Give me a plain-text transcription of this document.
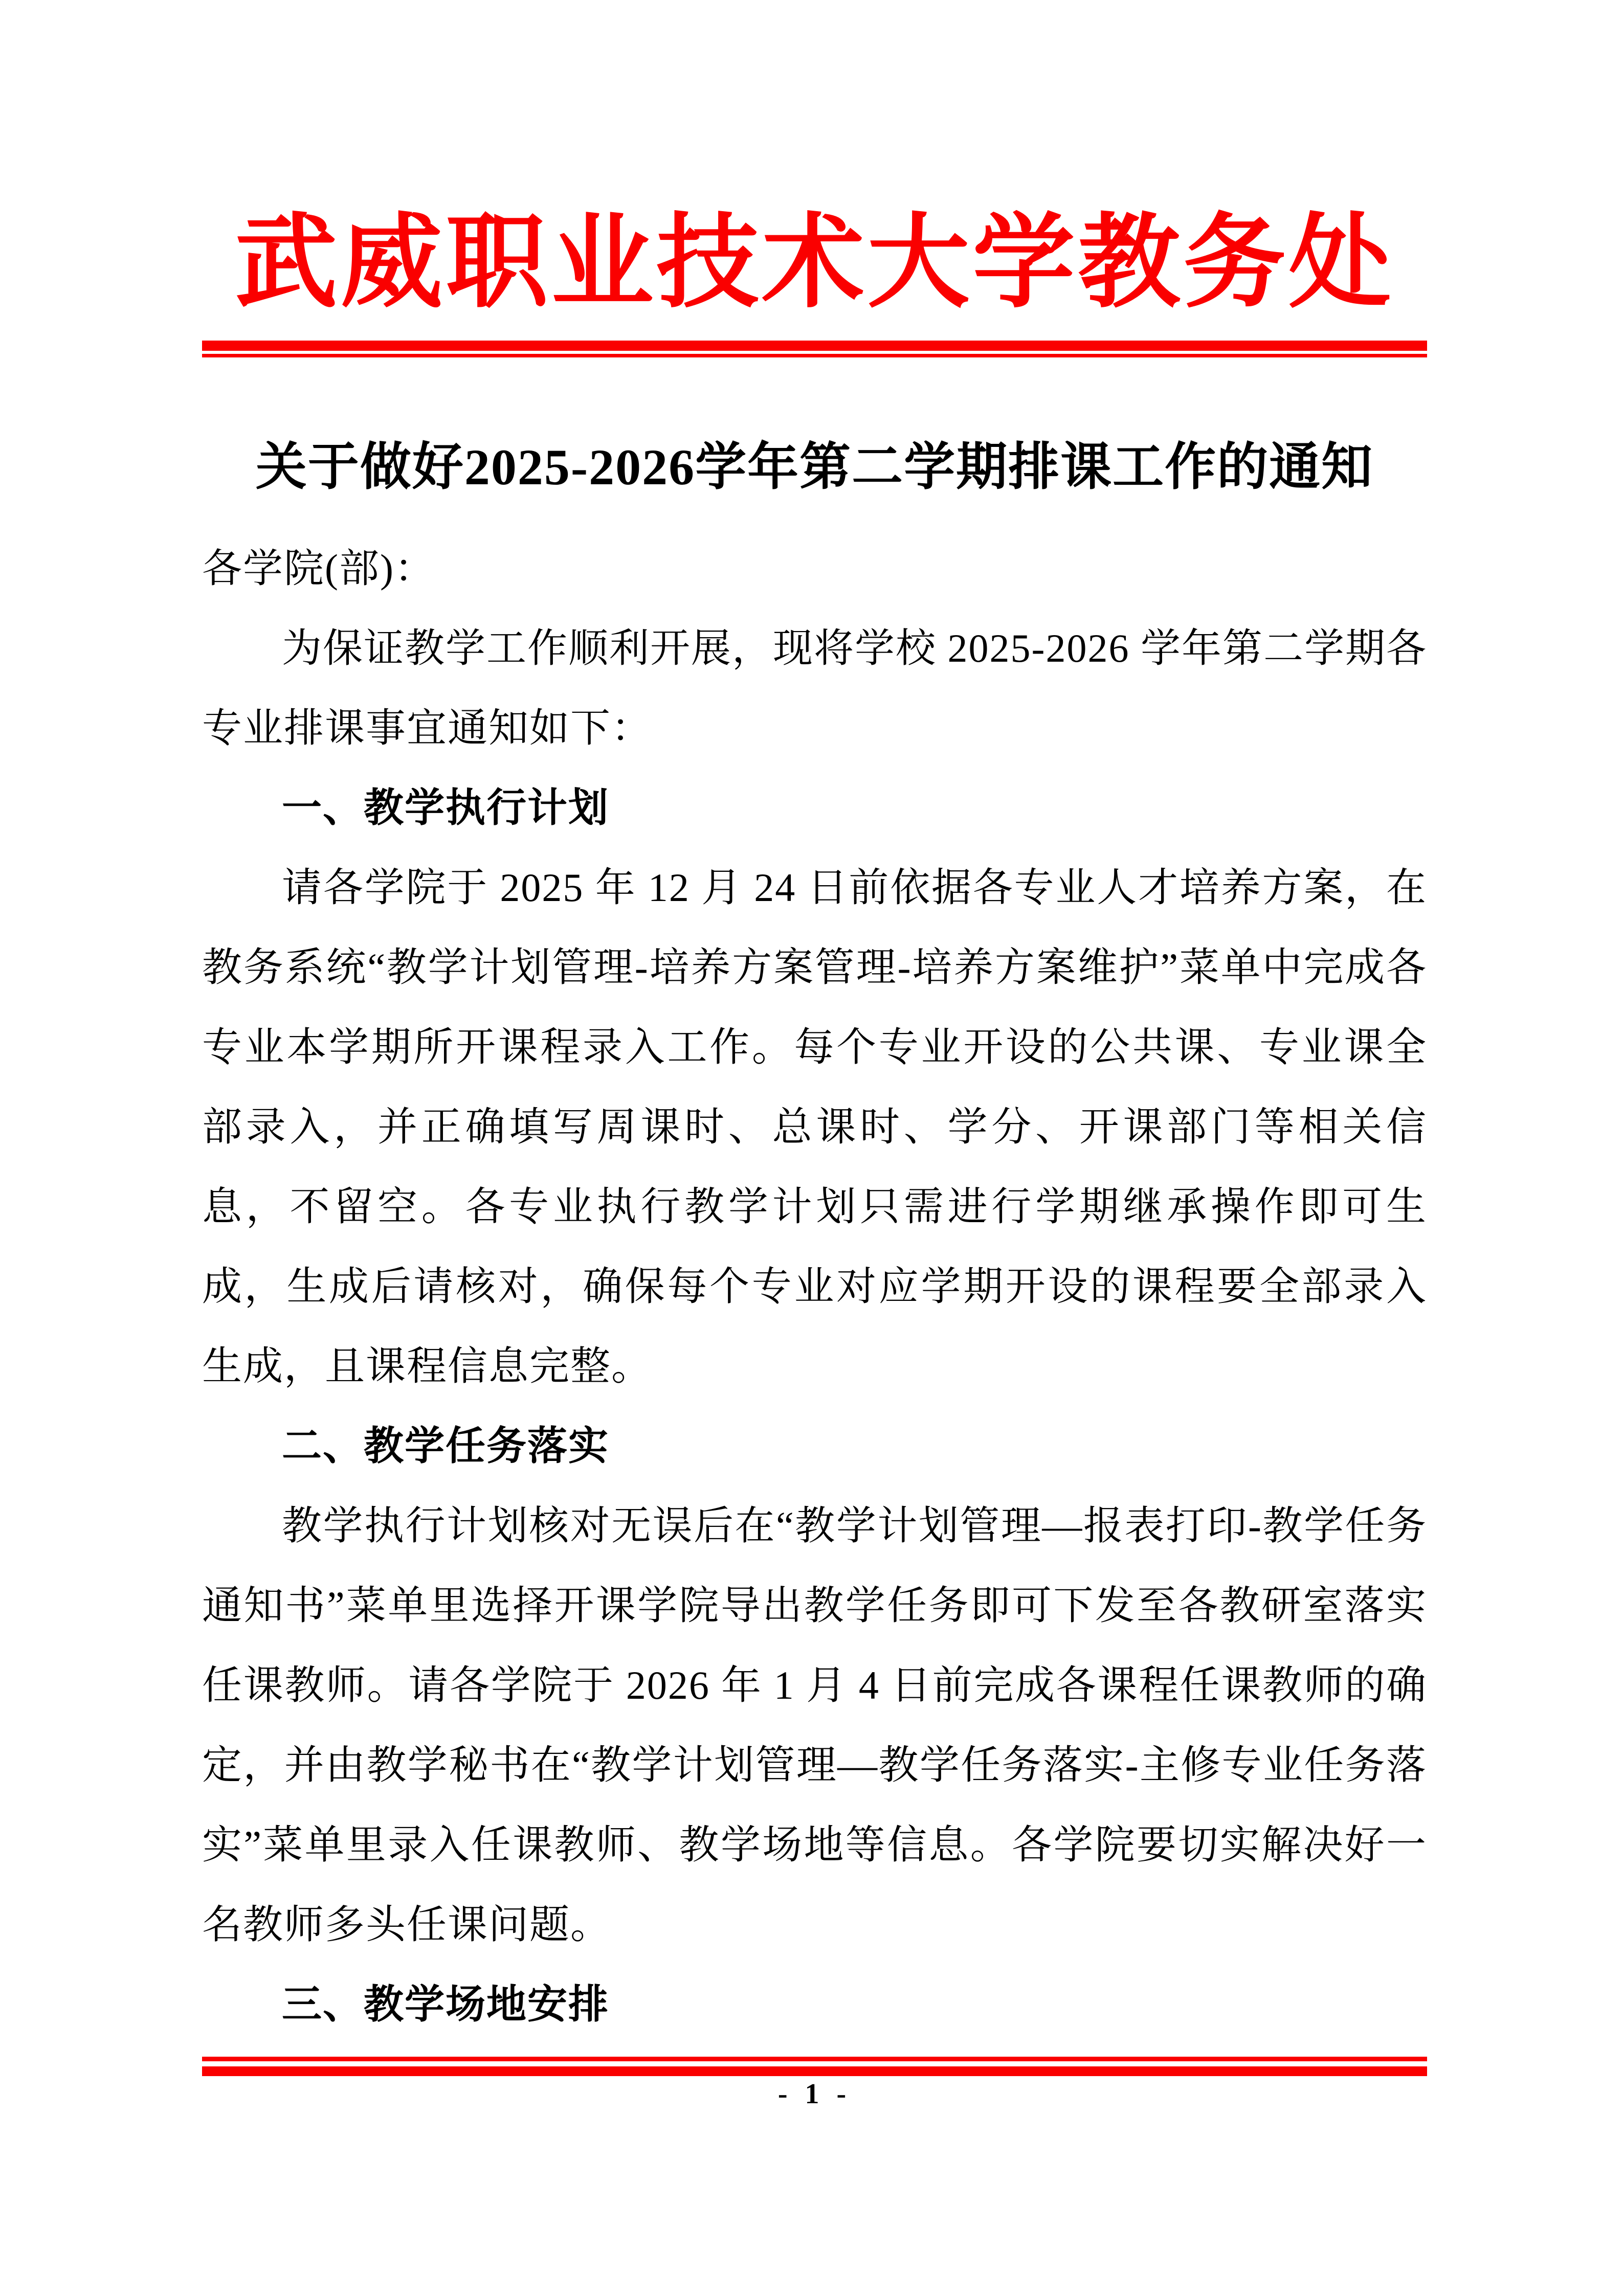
武威职业技术大学教务处
关于做好2025-2026学年第二学期排课工作的通知

各学院(部)：

为保证教学工作顺利开展，现将学校 2025-2026 学年第二学期各专业排课事宜通知如下：

一、教学执行计划

请各学院于 2025 年 12 月 24 日前依据各专业人才培养方案，在教务系统“教学计划管理-培养方案管理-培养方案维护”菜单中完成各专业本学期所开课程录入工作。每个专业开设的公共课、专业课全部录入，并正确填写周课时、总课时、学分、开课部门等相关信息，不留空。各专业执行教学计划只需进行学期继承操作即可生成，生成后请核对，确保每个专业对应学期开设的课程要全部录入生成，且课程信息完整。

二、教学任务落实

教学执行计划核对无误后在“教学计划管理—报表打印-教学任务通知书”菜单里选择开课学院导出教学任务即可下发至各教研室落实任课教师。请各学院于 2026 年 1 月 4 日前完成各课程任课教师的确定，并由教学秘书在“教学计划管理—教学任务落实-主修专业任务落实”菜单里录入任课教师、教学场地等信息。各学院要切实解决好一名教师多头任课问题。

三、教学场地安排

- 1 -
